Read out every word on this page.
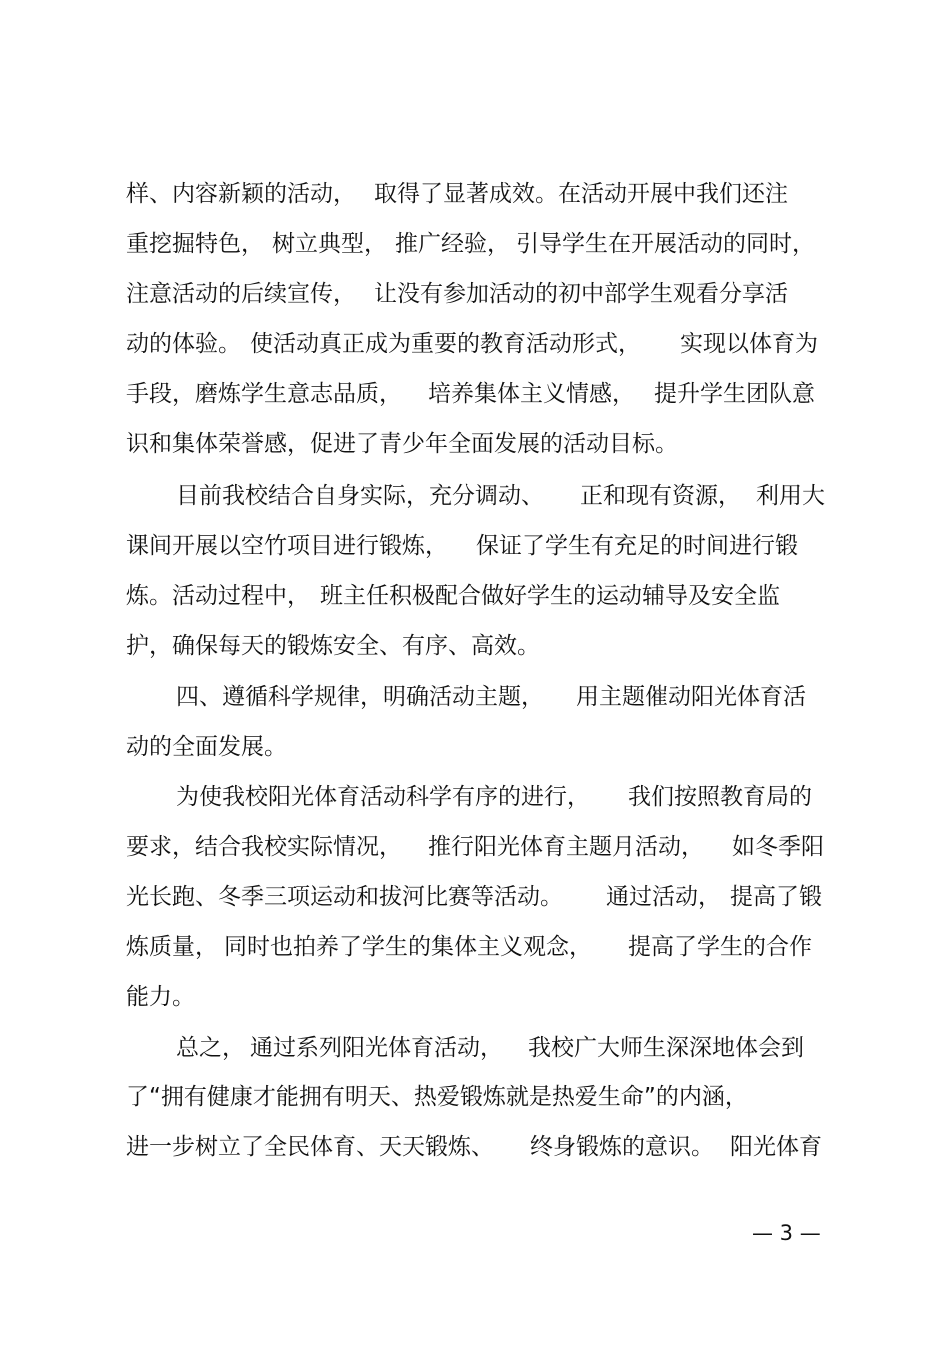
样、内容新颖的活动，

取得了显著成效。在活动开展中我们还注

重挖掘特色，

树立典型，

推广经验，

引导学生在开展活动的同时，

注意活动的后续宣传，

让没有参加活动的初中部学生观看分享活

动的体验。

使活动真正成为重要的教育活动形式，

实现以体育为

手段，磨炼学生意志品质，

培养集体主义情感，

提升学生团队意

识和集体荣誉感，促进了青少年全面发展的活动目标。

目前我校结合自身实际，充分调动、

正和现有资源，

利用大

课间开展以空竹项目进行锻炼，

保证了学生有充足的时间进行锻

炼。活动过程中，

班主任积极配合做好学生的运动辅导及安全监

护，确保每天的锻炼安全、有序、高效。

四、遵循科学规律，明确活动主题，

用主题催动阳光体育活

动的全面发展。

为使我校阳光体育活动科学有序的进行，

我们按照教育局的

要求，结合我校实际情况，

推行阳光体育主题月活动，

如冬季阳

光长跑、冬季三项运动和拔河比赛等活动。

通过活动，

提高了锻

炼质量，

同时也拍养了学生的集体主义观念，

提高了学生的合作

能力。

总之，

通过系列阳光体育活动，

我校广大师生深深地体会到

了“拥有健康才能拥有明天、热爱锻炼就是热爱生命”的内涵，

进一步树立了全民体育、天天锻炼、

终身锻炼的意识。

阳光体育

— 3 —
